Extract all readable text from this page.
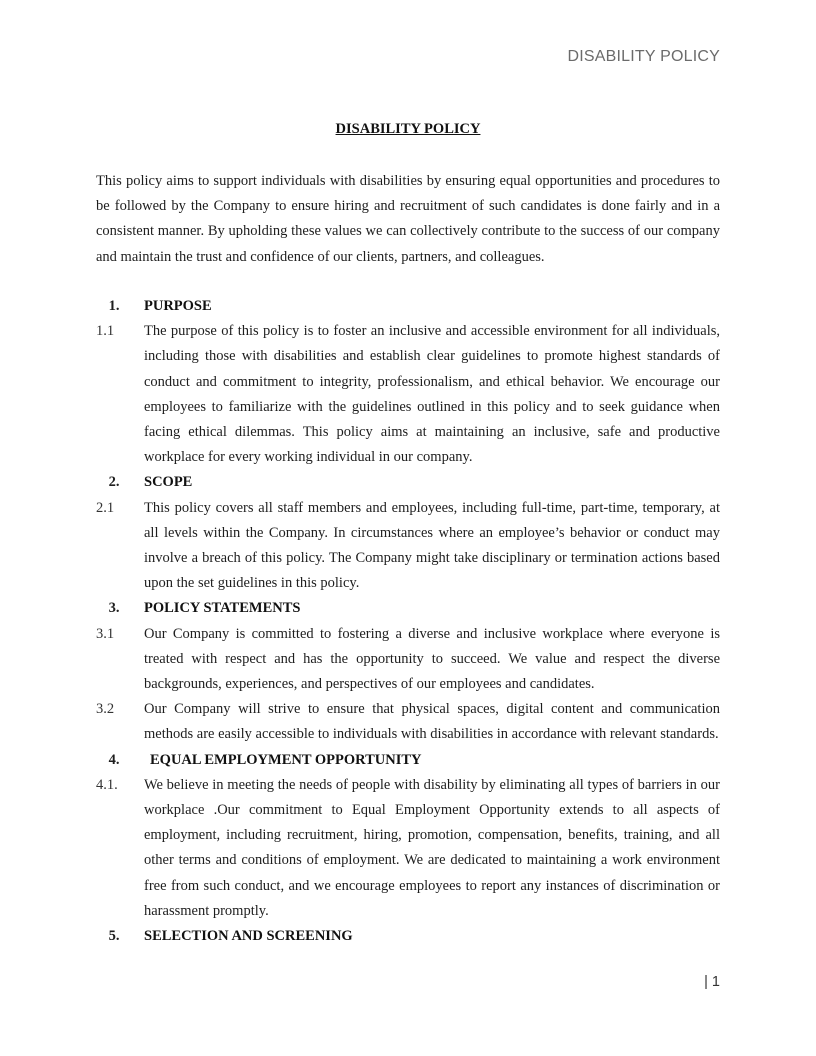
DISABILITY POLICY
DISABILITY POLICY

This policy aims to support individuals with disabilities by ensuring equal opportunities and procedures to be followed by the Company to ensure hiring and recruitment of such candidates is done fairly and in a consistent manner. By upholding these values we can collectively contribute to the success of our company and maintain the trust and confidence of our clients, partners, and colleagues.

1.	PURPOSE
1.1	The purpose of this policy is to foster an inclusive and accessible environment for all individuals, including those with disabilities and establish clear guidelines to promote highest standards of conduct and commitment to integrity, professionalism, and ethical behavior. We encourage our employees to familiarize with the guidelines outlined in this policy and to seek guidance when facing ethical dilemmas. This policy aims at maintaining an inclusive, safe and productive workplace for every working individual in our company.
2.	SCOPE
2.1	This policy covers all staff members and employees, including full-time, part-time, temporary, at all levels within the Company. In circumstances where an employee’s behavior or conduct may involve a breach of this policy. The Company might take disciplinary or termination actions based upon the set guidelines in this policy.
3.	POLICY STATEMENTS
3.1	Our Company is committed to fostering a diverse and inclusive workplace where everyone is treated with respect and has the opportunity to succeed. We value and respect the diverse backgrounds, experiences, and perspectives of our employees and candidates.
3.2	Our Company will strive to ensure that physical spaces, digital content and communication methods are easily accessible to individuals with disabilities in accordance with relevant standards.
4.	EQUAL EMPLOYMENT OPPORTUNITY
4.1.	We believe in meeting the needs of people with disability by eliminating all types of barriers in our workplace .Our commitment to Equal Employment Opportunity extends to all aspects of employment, including recruitment, hiring, promotion, compensation, benefits, training, and all other terms and conditions of employment. We are dedicated to maintaining a work environment free from such conduct, and we encourage employees to report any instances of discrimination or harassment promptly.
5.	SELECTION AND SCREENING
| 1
